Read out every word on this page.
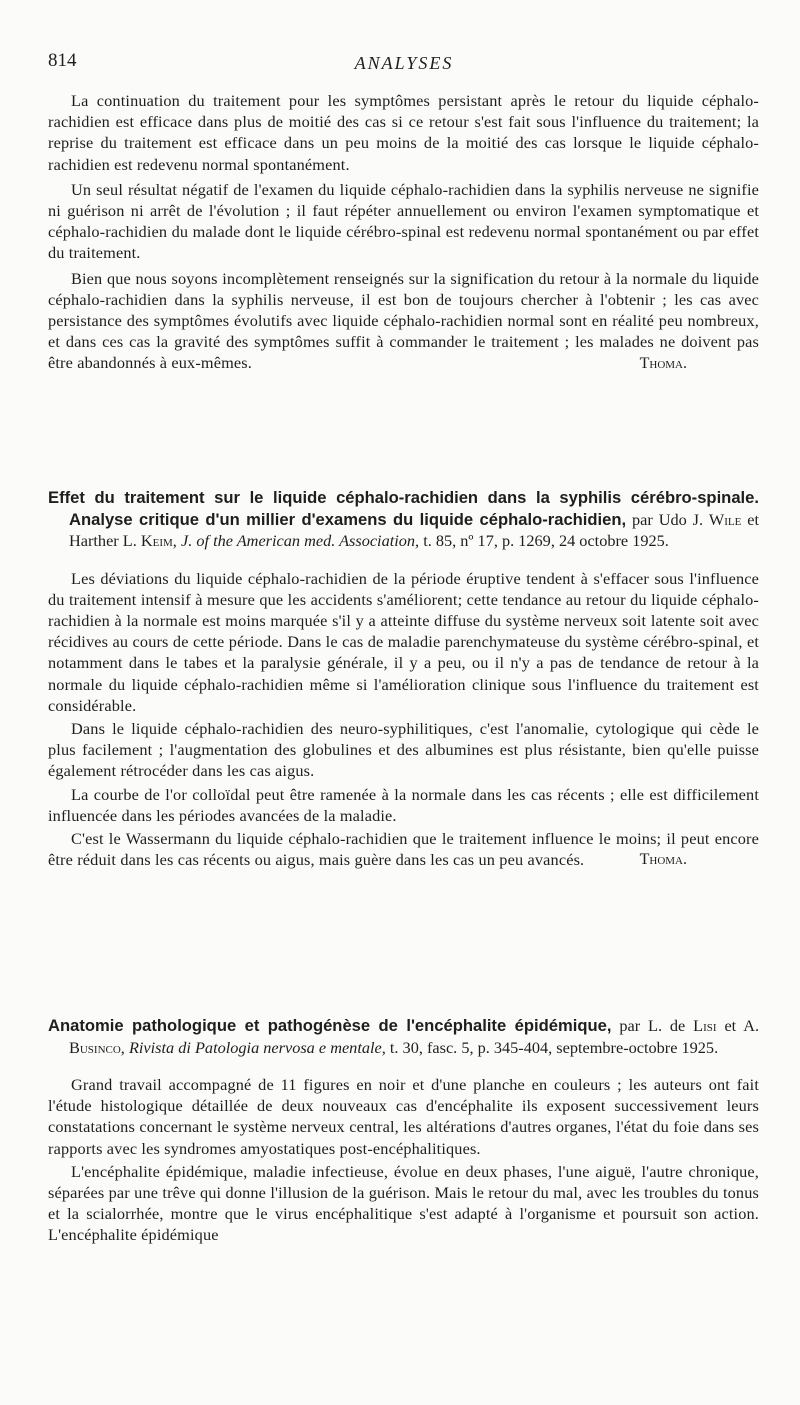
814	ANALYSES

La continuation du traitement pour les symptômes persistant après le retour du liquide céphalo-rachidien est efficace dans plus de moitié des cas si ce retour s'est fait sous l'influence du traitement; la reprise du traitement est efficace dans un peu moins de la moitié des cas lorsque le liquide céphalo-rachidien est redevenu normal spontanément.

Un seul résultat négatif de l'examen du liquide céphalo-rachidien dans la syphilis nerveuse ne signifie ni guérison ni arrêt de l'évolution ; il faut répéter annuellement ou environ l'examen symptomatique et céphalo-rachidien du malade dont le liquide cérébro-spinal est redevenu normal spontanément ou par effet du traitement.

Bien que nous soyons incomplètement renseignés sur la signification du retour à la normale du liquide céphalo-rachidien dans la syphilis nerveuse, il est bon de toujours chercher à l'obtenir ; les cas avec persistance des symptômes évolutifs avec liquide céphalo-rachidien normal sont en réalité peu nombreux, et dans ces cas la gravité des symptômes suffit à commander le traitement ; les malades ne doivent pas être abandonnés à eux-mêmes.	Thoma.
Effet du traitement sur le liquide céphalo-rachidien dans la syphilis cérébro-spinale. Analyse critique d'un millier d'examens du liquide céphalo-rachidien, par Udo J. Wile et Harther L. Keim, J. of the American med. Association, t. 85, nº 17, p. 1269, 24 octobre 1925.

Les déviations du liquide céphalo-rachidien de la période éruptive tendent à s'effacer sous l'influence du traitement intensif à mesure que les accidents s'améliorent; cette tendance au retour du liquide céphalo-rachidien à la normale est moins marquée s'il y a atteinte diffuse du système nerveux soit latente soit avec récidives au cours de cette période. Dans le cas de maladie parenchymateuse du système cérébro-spinal, et notamment dans le tabes et la paralysie générale, il y a peu, ou il n'y a pas de tendance de retour à la normale du liquide céphalo-rachidien même si l'amélioration clinique sous l'influence du traitement est considérable.

Dans le liquide céphalo-rachidien des neuro-syphilitiques, c'est l'anomalie, cytologique qui cède le plus facilement ; l'augmentation des globulines et des albumines est plus résistante, bien qu'elle puisse également rétrocéder dans les cas aigus.

La courbe de l'or colloïdal peut être ramenée à la normale dans les cas récents ; elle est difficilement influencée dans les périodes avancées de la maladie.

C'est le Wassermann du liquide céphalo-rachidien que le traitement influence le moins; il peut encore être réduit dans les cas récents ou aigus, mais guère dans les cas un peu avancés.	Thoma.
Anatomie pathologique et pathogénèse de l'encéphalite épidémique, par L. de Lisi et A. Businco, Rivista di Patologia nervosa e mentale, t. 30, fasc. 5, p. 345-404, septembre-octobre 1925.

Grand travail accompagné de 11 figures en noir et d'une planche en couleurs ; les auteurs ont fait l'étude histologique détaillée de deux nouveaux cas d'encéphalite ils exposent successivement leurs constatations concernant le système nerveux central, les altérations d'autres organes, l'état du foie dans ses rapports avec les syndromes amyostatiques post-encéphalitiques.

L'encéphalite épidémique, maladie infectieuse, évolue en deux phases, l'une aiguë, l'autre chronique, séparées par une trêve qui donne l'illusion de la guérison. Mais le retour du mal, avec les troubles du tonus et la scialorrhée, montre que le virus encéphalitique s'est adapté à l'organisme et poursuit son action. L'encéphalite épidémique
